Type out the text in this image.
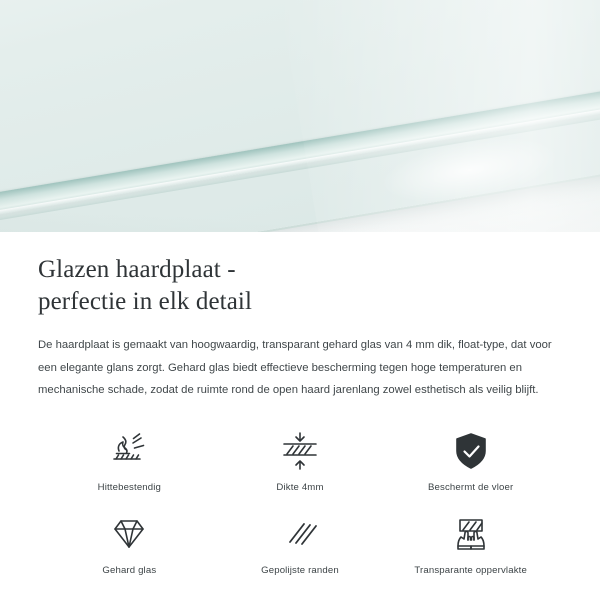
Glazen haardplaat -
perfectie in elk detail

De haardplaat is gemaakt van hoogwaardig, transparant gehard glas van 4 mm dik, float-type, dat voor een elegante glans zorgt. Gehard glas biedt effectieve bescherming tegen hoge temperaturen en mechanische schade, zodat de ruimte rond de open haard jarenlang zowel esthetisch als veilig blijft.

Hittebestendig	Dikte 4mm	Beschermt de vloer
Gehard glas	Gepolijste randen	Transparante oppervlakte
